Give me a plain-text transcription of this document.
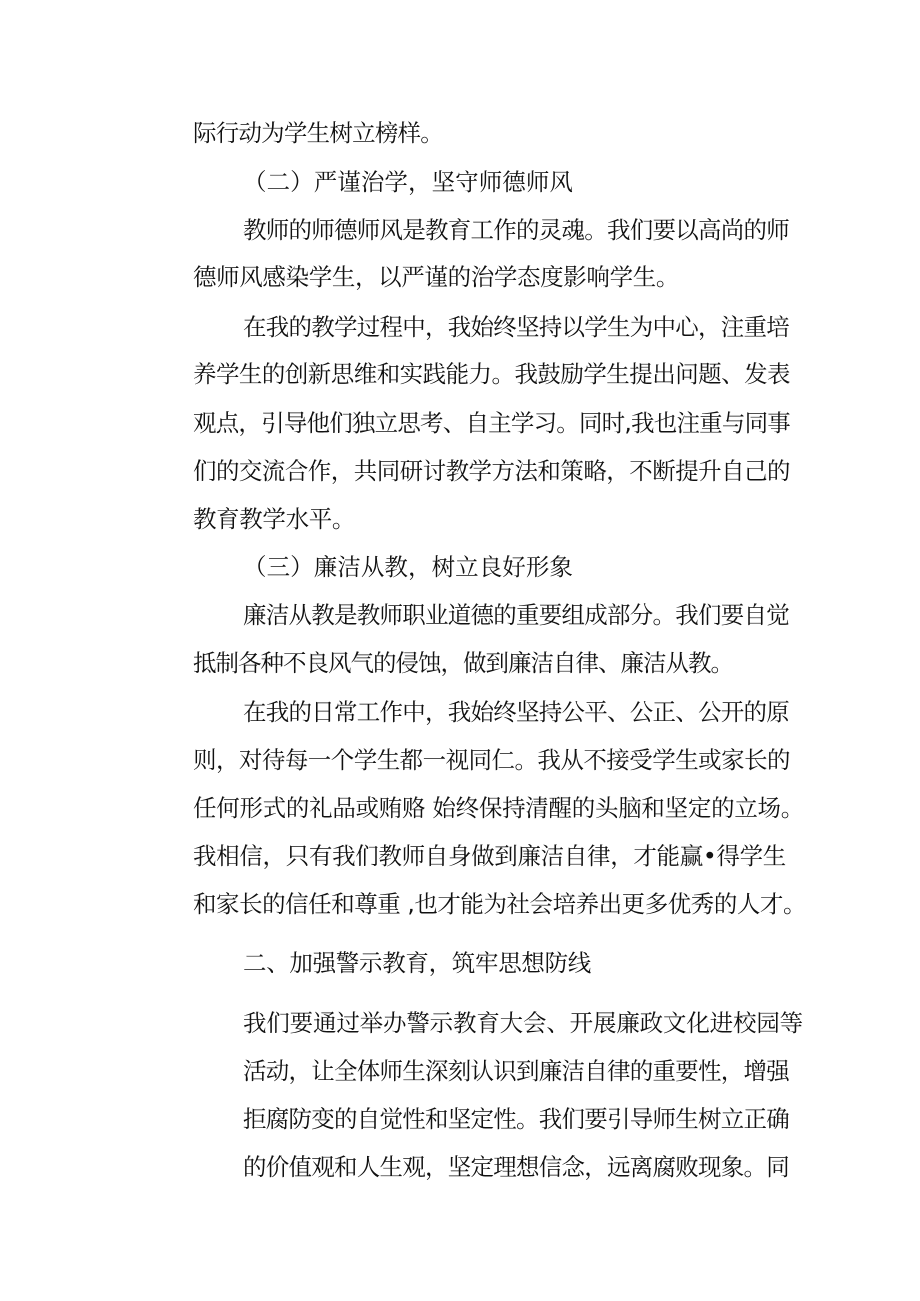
际行动为学生树立榜样。

（二）严谨治学，坚守师德师风

教师的师德师风是教育工作的灵魂。我们要以高尚的师

德师风感染学生，以严谨的治学态度影响学生。

在我的教学过程中，我始终坚持以学生为中心，注重培

养学生的创新思维和实践能力。我鼓励学生提出问题、发表

观点，引导他们独立思考、自主学习。同时,我也注重与同事

们的交流合作，共同研讨教学方法和策略，不断提升自己的

教育教学水平。

（三）廉洁从教，树立良好形象

廉洁从教是教师职业道德的重要组成部分。我们要自觉

抵制各种不良风气的侵蚀，做到廉洁自律、廉洁从教。

在我的日常工作中，我始终坚持公平、公正、公开的原

则，对待每一个学生都一视同仁。我从不接受学生或家长的

任何形式的礼品或贿赂 始终保持清醒的头脑和坚定的立场。

我相信，只有我们教师自身做到廉洁自律，才能赢•得学生

和家长的信任和尊重 ,也才能为社会培养出更多优秀的人才。

二、加强警示教育，筑牢思想防线

我们要通过举办警示教育大会、开展廉政文化进校园等

活动，让全体师生深刻认识到廉洁自律的重要性，增强

拒腐防变的自觉性和坚定性。我们要引导师生树立正确

的价值观和人生观，坚定理想信念，远离腐败现象。同
